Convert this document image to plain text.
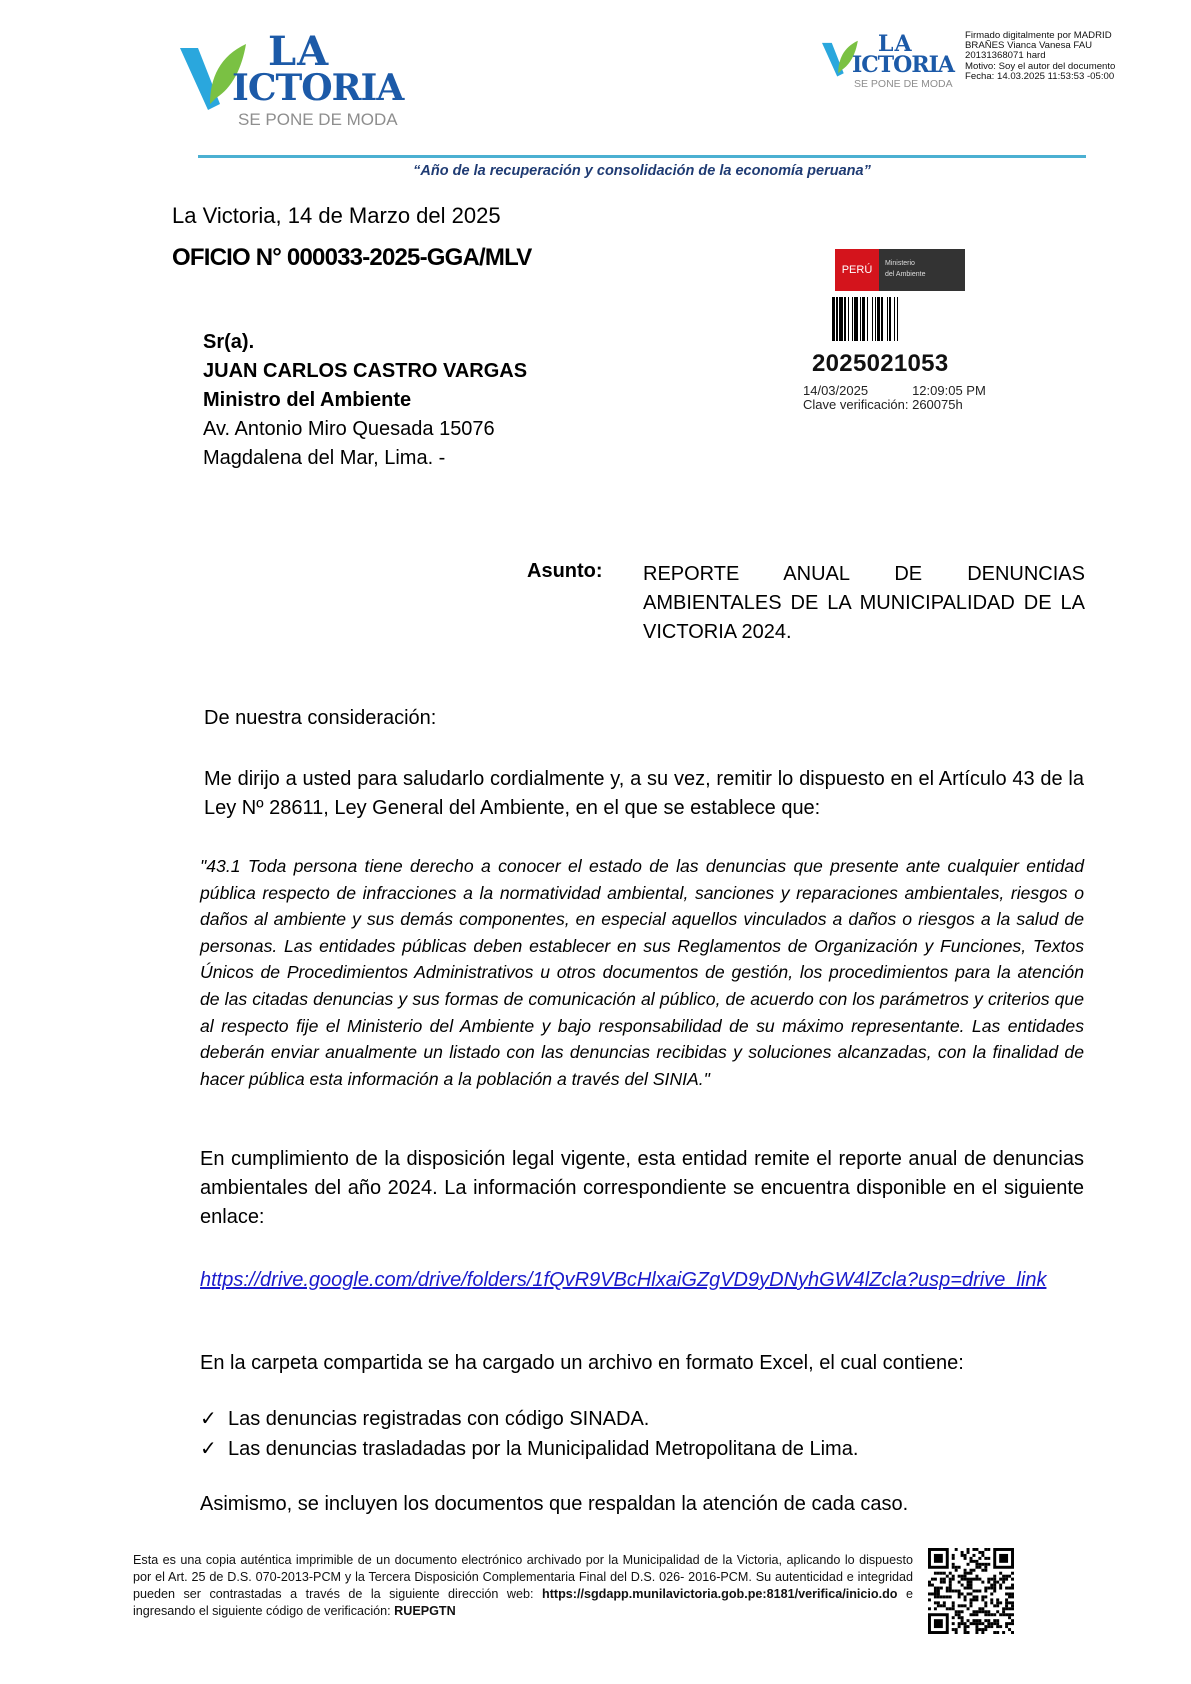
LA
ICTORIA
SE PONE DE MODA
LA
ICTORIA
SE PONE DE MODA
Firmado digitalmente por MADRID
BRAÑES Vianca Vanesa FAU
20131368071 hard
Motivo: Soy el autor del documento
Fecha: 14.03.2025 11:53:53 -05:00
“Año de la recuperación y consolidación de la economía peruana”
La Victoria, 14 de Marzo del 2025
OFICIO N° 000033-2025-GGA/MLV
Sr(a).
JUAN CARLOS CASTRO VARGAS
Ministro del Ambiente
Av. Antonio Miro Quesada 15076
Magdalena del Mar, Lima. -
PERÚ
Ministerio
del Ambiente
2025021053
14/03/2025	12:09:05 PM
Clave verificación: 260075h
Asunto: REPORTE ANUAL DE DENUNCIAS AMBIENTALES DE LA MUNICIPALIDAD DE LA VICTORIA 2024.
De nuestra consideración:
Me dirijo a usted para saludarlo cordialmente y, a su vez, remitir lo dispuesto en el Artículo 43 de la Ley Nº 28611, Ley General del Ambiente, en el que se establece que:
"43.1 Toda persona tiene derecho a conocer el estado de las denuncias que presente ante cualquier entidad pública respecto de infracciones a la normatividad ambiental, sanciones y reparaciones ambientales, riesgos o daños al ambiente y sus demás componentes, en especial aquellos vinculados a daños o riesgos a la salud de personas. Las entidades públicas deben establecer en sus Reglamentos de Organización y Funciones, Textos Únicos de Procedimientos Administrativos u otros documentos de gestión, los procedimientos para la atención de las citadas denuncias y sus formas de comunicación al público, de acuerdo con los parámetros y criterios que al respecto fije el Ministerio del Ambiente y bajo responsabilidad de su máximo representante. Las entidades deberán enviar anualmente un listado con las denuncias recibidas y soluciones alcanzadas, con la finalidad de hacer pública esta información a la población a través del SINIA."
En cumplimiento de la disposición legal vigente, esta entidad remite el reporte anual de denuncias ambientales del año 2024. La información correspondiente se encuentra disponible en el siguiente enlace:
https://drive.google.com/drive/folders/1fQvR9VBcHlxaiGZgVD9yDNyhGW4lZcla?usp=drive_link
En la carpeta compartida se ha cargado un archivo en formato Excel, el cual contiene:
✓ Las denuncias registradas con código SINADA.
✓ Las denuncias trasladadas por la Municipalidad Metropolitana de Lima.
Asimismo, se incluyen los documentos que respaldan la atención de cada caso.
Esta es una copia auténtica imprimible de un documento electrónico archivado por la Municipalidad de la Victoria, aplicando lo dispuesto por el Art. 25 de D.S. 070-2013-PCM y la Tercera Disposición Complementaria Final del D.S. 026- 2016-PCM. Su autenticidad e integridad pueden ser contrastadas a través de la siguiente dirección web: https://sgdapp.munilavictoria.gob.pe:8181/verifica/inicio.do e ingresando el siguiente código de verificación: RUEPGTN
